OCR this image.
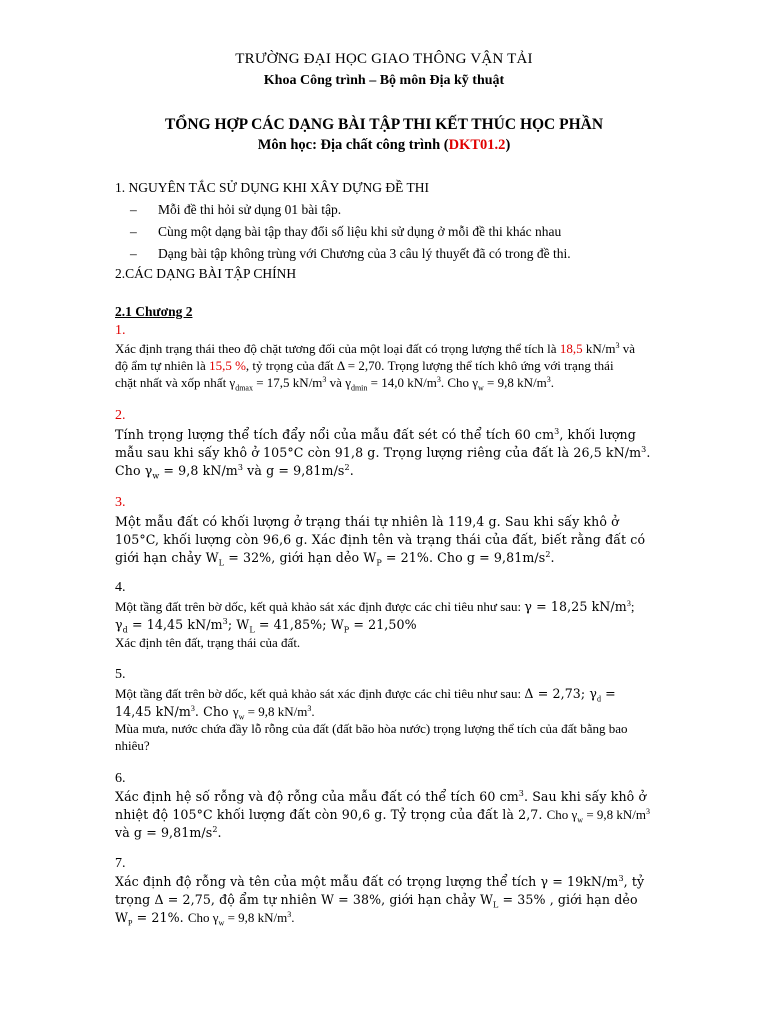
TRƯỜNG ĐẠI HỌC GIAO THÔNG VẬN TẢI
Khoa Công trình – Bộ môn Địa kỹ thuật
TỔNG HỢP CÁC DẠNG BÀI TẬP THI KẾT THÚC HỌC PHẦN
Môn học: Địa chất công trình (DKT01.2)
1. NGUYÊN TẮC SỬ DỤNG KHI XÂY DỰNG ĐỀ THI
– Mỗi đề thi hỏi sử dụng 01 bài tập.
– Cùng một dạng bài tập thay đổi số liệu khi sử dụng ở mỗi đề thi khác nhau
– Dạng bài tập không trùng với Chương của 3 câu lý thuyết đã có trong đề thi.
2.CÁC DẠNG BÀI TẬP CHÍNH
2.1 Chương 2
1.
Xác định trạng thái theo độ chặt tương đối của một loại đất có trọng lượng thể tích là 18,5 $kN/m^3$ và
độ ẩm tự nhiên là 15,5 %, tỷ trọng của đất Δ = 2,70. Trọng lượng thể tích khô ứng với trạng thái
chặt nhất và xốp nhất $\gamma_{dmax} = 17,5$ $kN/m^3$ và $\gamma_{dmin} = 14,0$ $kN/m^3$. Cho $\gamma_w = 9,8$ $kN/m^3$.
2.
Tính trọng lượng thể tích đẩy nổi của mẫu đất sét có thể tích 60 $cm^3$, khối lượng
mẫu sau khi sấy khô ở 105°C còn 91,8 g. Trọng lượng riêng của đất là 26,5 $kN/m^3$.
Cho $\gamma_w = 9,8$ $kN/m^3$ và $g = 9,81m/s^2$.
3.
Một mẫu đất có khối lượng ở trạng thái tự nhiên là 119,4 g. Sau khi sấy khô ở
105°C, khối lượng còn 96,6 g. Xác định tên và trạng thái của đất, biết rằng đất có
giới hạn chảy $W_L = 32\%$, giới hạn dẻo $W_P = 21\%$. Cho $g = 9,81m/s^2$.
4.
Một tầng đất trên bờ dốc, kết quả khảo sát xác định được các chỉ tiêu như sau: γ = 18,25 $kN/m^3$;
$\gamma_d = 14,45$ $kN/m^3$; $W_L = 41,85\%$; $W_P = 21,50\%$
Xác định tên đất, trạng thái của đất.
5.
Một tầng đất trên bờ dốc, kết quả khảo sát xác định được các chỉ tiêu như sau: Δ = 2,73; $\gamma_d$ =
14,45 $kN/m^3$. Cho $\gamma_w = 9,8$ $kN/m^3$.
Mùa mưa, nước chứa đầy lỗ rỗng của đất (đất bão hòa nước) trọng lượng thể tích của đất bằng bao
nhiêu?
6.
Xác định hệ số rỗng và độ rỗng của mẫu đất có thể tích 60 $cm^3$. Sau khi sấy khô ở
nhiệt độ 105°C khối lượng đất còn 90,6 g. Tỷ trọng của đất là 2,7. Cho $\gamma_w = 9,8$ $kN/m^3$
và $g = 9,81m/s^2$.
7.
Xác định độ rỗng và tên của một mẫu đất có trọng lượng thể tích $\gamma = 19kN/m^3$, tỷ
trọng Δ = 2,75, độ ẩm tự nhiên W = 38%, giới hạn chảy $W_L = 35\%$ , giới hạn dẻo
$W_P = 21\%$. Cho $\gamma_w = 9,8$ $kN/m^3$.
